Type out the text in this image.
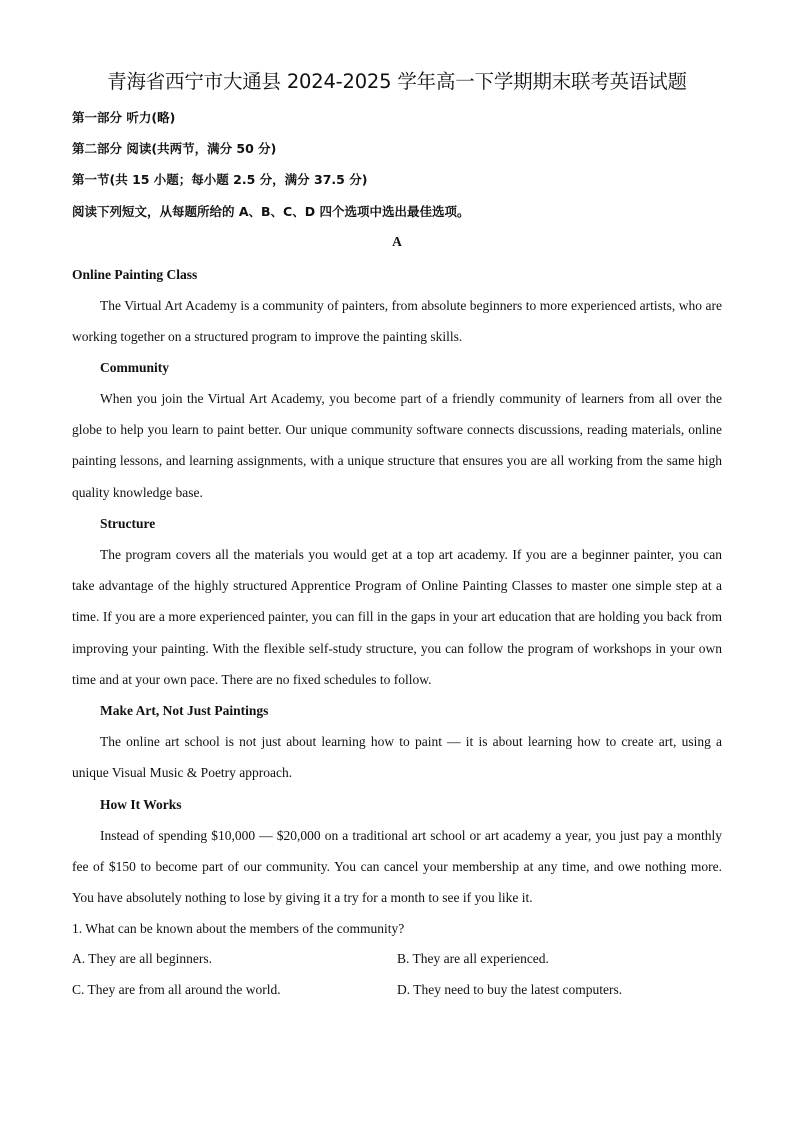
青海省西宁市大通县 2024-2025 学年高一下学期期末联考英语试题
第一部分 听力(略)
第二部分 阅读(共两节，满分 50 分)
第一节(共 15 小题；每小题 2.5 分，满分 37.5 分)
阅读下列短文，从每题所给的 A、B、C、D 四个选项中选出最佳选项。
A
Online Painting Class
The Virtual Art Academy is a community of painters, from absolute beginners to more experienced artists, who are working together on a structured program to improve the painting skills.
Community
When you join the Virtual Art Academy, you become part of a friendly community of learners from all over the globe to help you learn to paint better. Our unique community software connects discussions, reading materials, online painting lessons, and learning assignments, with a unique structure that ensures you are all working from the same high quality knowledge base.
Structure
The program covers all the materials you would get at a top art academy. If you are a beginner painter, you can take advantage of the highly structured Apprentice Program of Online Painting Classes to master one simple step at a time. If you are a more experienced painter, you can fill in the gaps in your art education that are holding you back from improving your painting. With the flexible self-study structure, you can follow the program of workshops in your own time and at your own pace. There are no fixed schedules to follow.
Make Art, Not Just Paintings
The online art school is not just about learning how to paint — it is about learning how to create art, using a unique Visual Music & Poetry approach.
How It Works
Instead of spending $10,000 — $20,000 on a traditional art school or art academy a year, you just pay a monthly fee of $150 to become part of our community. You can cancel your membership at any time, and owe nothing more. You have absolutely nothing to lose by giving it a try for a month to see if you like it.
1. What can be known about the members of the community?
A. They are all beginners.	B. They are all experienced.
C. They are from all around the world.	D. They need to buy the latest computers.
